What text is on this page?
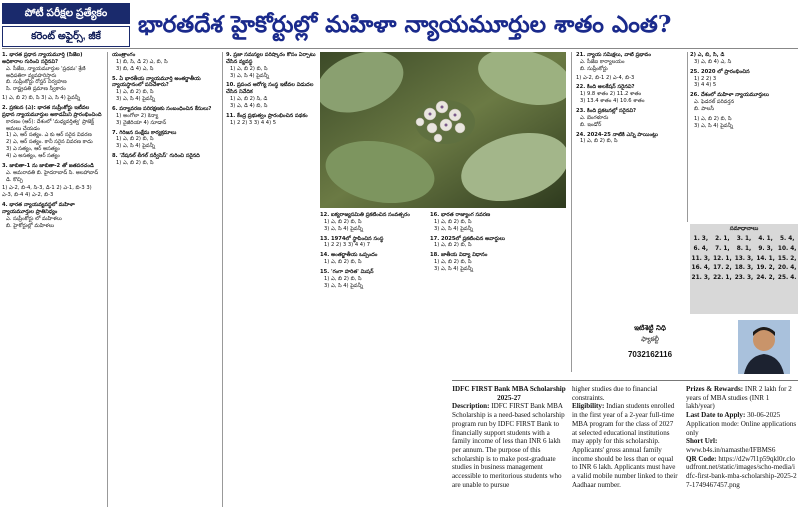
పోటీ పరీక్షల ప్రత్యేకం
కరెంట్ అఫైర్స్, జీకే	భారతదేశ హైకోర్టుల్లో మహిళా న్యాయమూర్తుల శాతం ఎంత?
1. భారత ప్రధాన న్యాయమూర్తి (సీజేఐ) అధికారాల గురించి సరైనవి?
ఎ. సీజేఐ, న్యాయమూర్తుల 'ప్రథమ' శ్రేణి అధిపతిగా వ్యవహరిస్తారు
బి. సుప్రీంకోర్టు రోస్టర్ నిర్వహణ
సి. రాష్ట్రపతి ప్రమాణ స్వీకారం
1) ఎ, బి 2) బి, సి 3) ఎ, సి 4) పైవన్నీ
2. ప్రకటన (ఎ): భారత సుప్రీంకోర్టు ఇటీవల ప్రధాన న్యాయమూర్తుల అకాడమీని ప్రారంభించింది
కారణం (ఆర్): దేశంలో 'మధ్యవర్తిత్వ' ప్రాజెక్ట్ అమలు చేయడం
1) ఎ, ఆర్ సత్యం. ఎ కు ఆర్ సరైన వివరణ
2) ఎ, ఆర్ సత్యం. కానీ సరైన వివరణ కాదు
3) ఎ సత్యం, ఆర్ అసత్యం
4) ఎ అసత్యం, ఆర్ సత్యం
3. జాబితా-1 ను జాబితా-2 తో జతపరచండి
ఎ. అమరావతి బి. హైదరాబాద్ సి. అలహాబాద్ డి. కొచ్చి
1) ఎ-2, బి-4, సి-3, డి-1 2) ఎ-1, బి-3 3) ఎ-3, బి-4 4) ఎ-2, బి-3
4. భారత న్యాయవ్యవస్థలో మహిళా న్యాయమూర్తుల ప్రాతినిధ్యం
ఎ. సుప్రీంకోర్టు లో మహిళలు
బి. హైకోర్టుల్లో మహిళలు
యంత్రాంగం
1) బి, సి, డి 2) ఎ, బి, సి
3) బి, డి 4) ఎ, సి
5. ఏ భారతీయ న్యాయమూర్తి అంతర్జాతీయ న్యాయస్థానంలో పనిచేశారు?
1) ఎ, బి 2) బి, సి
3) ఎ, సి 4) పైవన్నీ
6. పర్యావరణ పరిరక్షణకు సంబంధించిన కేసులు?
1) అంగోలా 2) కెన్యా
3) నైజీరియా 4) సూడాన్
7. గిరిజన సంక్షేమ కార్యక్రమాలు
1) ఎ, బి 2) బి, సి
3) ఎ, సి 4) పైవన్నీ
8. 'నేషనల్ లీగల్ సర్వీసెస్' గురించి సరైనది
1) ఎ, బి 2) బి, సి
9. ప్రజా సమస్యల పరిష్కారం కోసం ఏర్పాటు చేసిన వ్యవస్థ
1) ఎ, బి 2) బి, సి
3) ఎ, సి 4) పైవన్నీ
10. ప్రపంచ ఆరోగ్య సంస్థ ఇటీవల విడుదల చేసిన నివేదిక
1) ఎ, బి 2) సి, డి
3) ఎ, డి 4) బి, సి
11. కేంద్ర ప్రభుత్వం ప్రారంభించిన పథకం
1) 2 2) 3 3) 4 4) 5
12. ఐక్యరాజ్యసమితి ప్రకటించిన సంవత్సరం
1) ఎ, బి 2) బి, సి
3) ఎ, సి 4) పైవన్నీ
13. 1974లో స్థాపించిన సంస్థ
1) 2 2) 3 3) 4 4) 7
14. అంతర్జాతీయ ఒప్పందం
1) ఎ, బి 2) బి, సి
15. 'గంగా హరిత' మిషన్
1) ఎ, బి 2) బి, సి
3) ఎ, సి 4) పైవన్నీ
16. భారత రాజ్యాంగ సవరణ
1) ఎ, బి 2) బి, సి
3) ఎ, సి 4) పైవన్నీ
17. 2025లో ప్రకటించిన అవార్డులు
1) ఎ, బి 2) బి, సి
18. జాతీయ విద్యా విధానం
1) ఎ, బి 2) బి, సి
3) ఎ, సి 4) పైవన్నీ
21. న్యాయ సమీక్షలు, వాటి ప్రభావం
ఎ. సీజేఐ కార్యాలయం
బి. సుప్రీంకోర్టు
1) ఎ-2, బి-1 2) ఎ-4, బి-3
22. కింది అలకేషన్ సరైనవి?
1) 9.8 శాతం 2) 11.2 శాతం
3) 13.4 శాతం 4) 10.6 శాతం
23. కింది ప్రకటనల్లో సరైనవి?
ఎ. బెంగళూరు
బి. ఇండోర్
24. 2024-25 నాటికి ఎన్ని పాయింట్లు
1) ఎ, బి 2) బి, సి
2) ఎ, బి, సి, డి
3) ఎ, బి 4) ఎ, సి
25. 2020 లో ప్రారంభించిన
1) 2 2) 3
3) 4 4) 5
26. దేశంలో మహిళా న్యాయమూర్తులు
ఎ. ఫెడరల్ పరివర్తన
బి. పాలసీ
1) ఎ, బి 2) బి, సి
3) ఎ, సి 4) పైవన్నీ
సమాధానాలు
1. 3,	2. 1,	3. 1,	4. 1,	5. 4,
6. 4,	7. 1,	8. 1,	9. 3,	10. 4,
11. 3,	12. 1,	13. 3,	14. 1,	15. 2,
16. 4,	17. 2,	18. 3,	19. 2,	20. 4,
21. 3,	22. 1,	23. 3,	24. 2,	25. 4.
ఇటిశెట్టి నిధి
ఫ్యాకల్టీ
7032162116
IDFC FIRST Bank MBA Scholarship 2025-27
Description: IDFC FIRST Bank MBA Scholarship is a need-based scholarship program run by IDFC FIRST Bank to financially support students with a family income of less than INR 6 lakh per annum. The purpose of this scholarship is to make post-graduate studies in business management accessible to meritorious students who are unable to pursue
higher studies due to financial constraints.
Eligibility: Indian students enrolled in the first year of a 2-year full-time MBA program for the class of 2027 at selected educational institutions may apply for this scholarship. Applicants' gross annual family income should be less than or equal to INR 6 lakh. Applicants must have a valid mobile number linked to their Aadhaar number.
Prizes & Rewards: INR 2 lakh for 2 years of MBA studies (INR 1 lakh/year)
Last Date to Apply: 30-06-2025
Application mode: Online applications only
Short Url: www.b4s.in/namasthe/IFBMS6
QR Code: https://d2w7l1p59qkl0r.cloudfront.net/static/images/scho-media/idfc-first-bank-mba-scholarship-2025-27-1749467457.png
